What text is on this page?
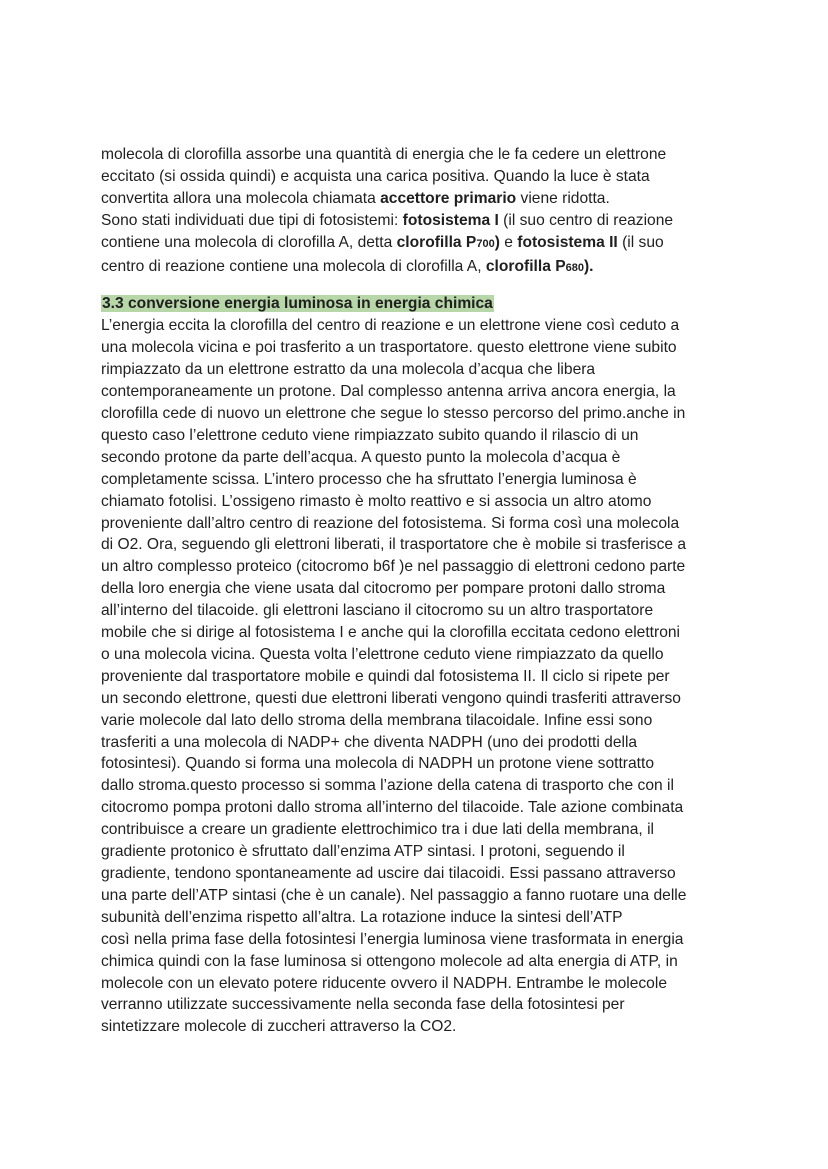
molecola di clorofilla assorbe una quantità di energia che le fa cedere un elettrone
eccitato (si ossida quindi) e acquista una carica positiva. Quando la luce è stata
convertita allora una molecola chiamata accettore primario viene ridotta.
Sono stati individuati due tipi di fotosistemi: fotosistema I (il suo centro di reazione
contiene una molecola di clorofilla A, detta clorofilla P700) e fotosistema II (il suo
centro di reazione contiene una molecola di clorofilla A, clorofilla P680).
3.3 conversione energia luminosa in energia chimica
L’energia eccita la clorofilla del centro di reazione e un elettrone viene così ceduto a
una molecola vicina e poi trasferito a un trasportatore. questo elettrone viene subito
rimpiazzato da un elettrone estratto da una molecola d’acqua che libera
contemporaneamente un protone. Dal complesso antenna arriva ancora energia, la
clorofilla cede di nuovo un elettrone che segue lo stesso percorso del primo.anche in
questo caso l’elettrone ceduto viene rimpiazzato subito quando il rilascio di un
secondo protone da parte dell’acqua. A questo punto la molecola d’acqua è
completamente scissa. L’intero processo che ha sfruttato l’energia luminosa è
chiamato fotolisi. L’ossigeno rimasto è molto reattivo e si associa un altro atomo
proveniente dall’altro centro di reazione del fotosistema. Si forma così una molecola
di O2. Ora, seguendo gli elettroni liberati, il trasportatore che è mobile si trasferisce a
un altro complesso proteico (citocromo b6f )e nel passaggio di elettroni cedono parte
della loro energia che viene usata dal citocromo per pompare protoni dallo stroma
all’interno del tilacoide. gli elettroni lasciano il citocromo su un altro trasportatore
mobile che si dirige al fotosistema I e anche qui la clorofilla eccitata cedono elettroni
o una molecola vicina. Questa volta l’elettrone ceduto viene rimpiazzato da quello
proveniente dal trasportatore mobile e quindi dal fotosistema II. Il ciclo si ripete per
un secondo elettrone, questi due elettroni liberati vengono quindi trasferiti attraverso
varie molecole dal lato dello stroma della membrana tilacoidale. Infine essi sono
trasferiti a una molecola di NADP+ che diventa NADPH (uno dei prodotti della
fotosintesi). Quando si forma una molecola di NADPH un protone viene sottratto
dallo stroma.questo processo si somma l’azione della catena di trasporto che con il
citocromo pompa protoni dallo stroma all’interno del tilacoide. Tale azione combinata
contribuisce a creare un gradiente elettrochimico tra i due lati della membrana, il
gradiente protonico è sfruttato dall’enzima ATP sintasi. I protoni, seguendo il
gradiente, tendono spontaneamente ad uscire dai tilacoidi. Essi passano attraverso
una parte dell’ATP sintasi (che è un canale). Nel passaggio a fanno ruotare una delle
subunità dell’enzima rispetto all’altra. La rotazione induce la sintesi dell’ATP
così nella prima fase della fotosintesi l’energia luminosa viene trasformata in energia
chimica quindi con la fase luminosa si ottengono molecole ad alta energia di ATP, in
molecole con un elevato potere riducente ovvero il NADPH. Entrambe le molecole
verranno utilizzate successivamente nella seconda fase della fotosintesi per
sintetizzare molecole di zuccheri attraverso la CO2.
